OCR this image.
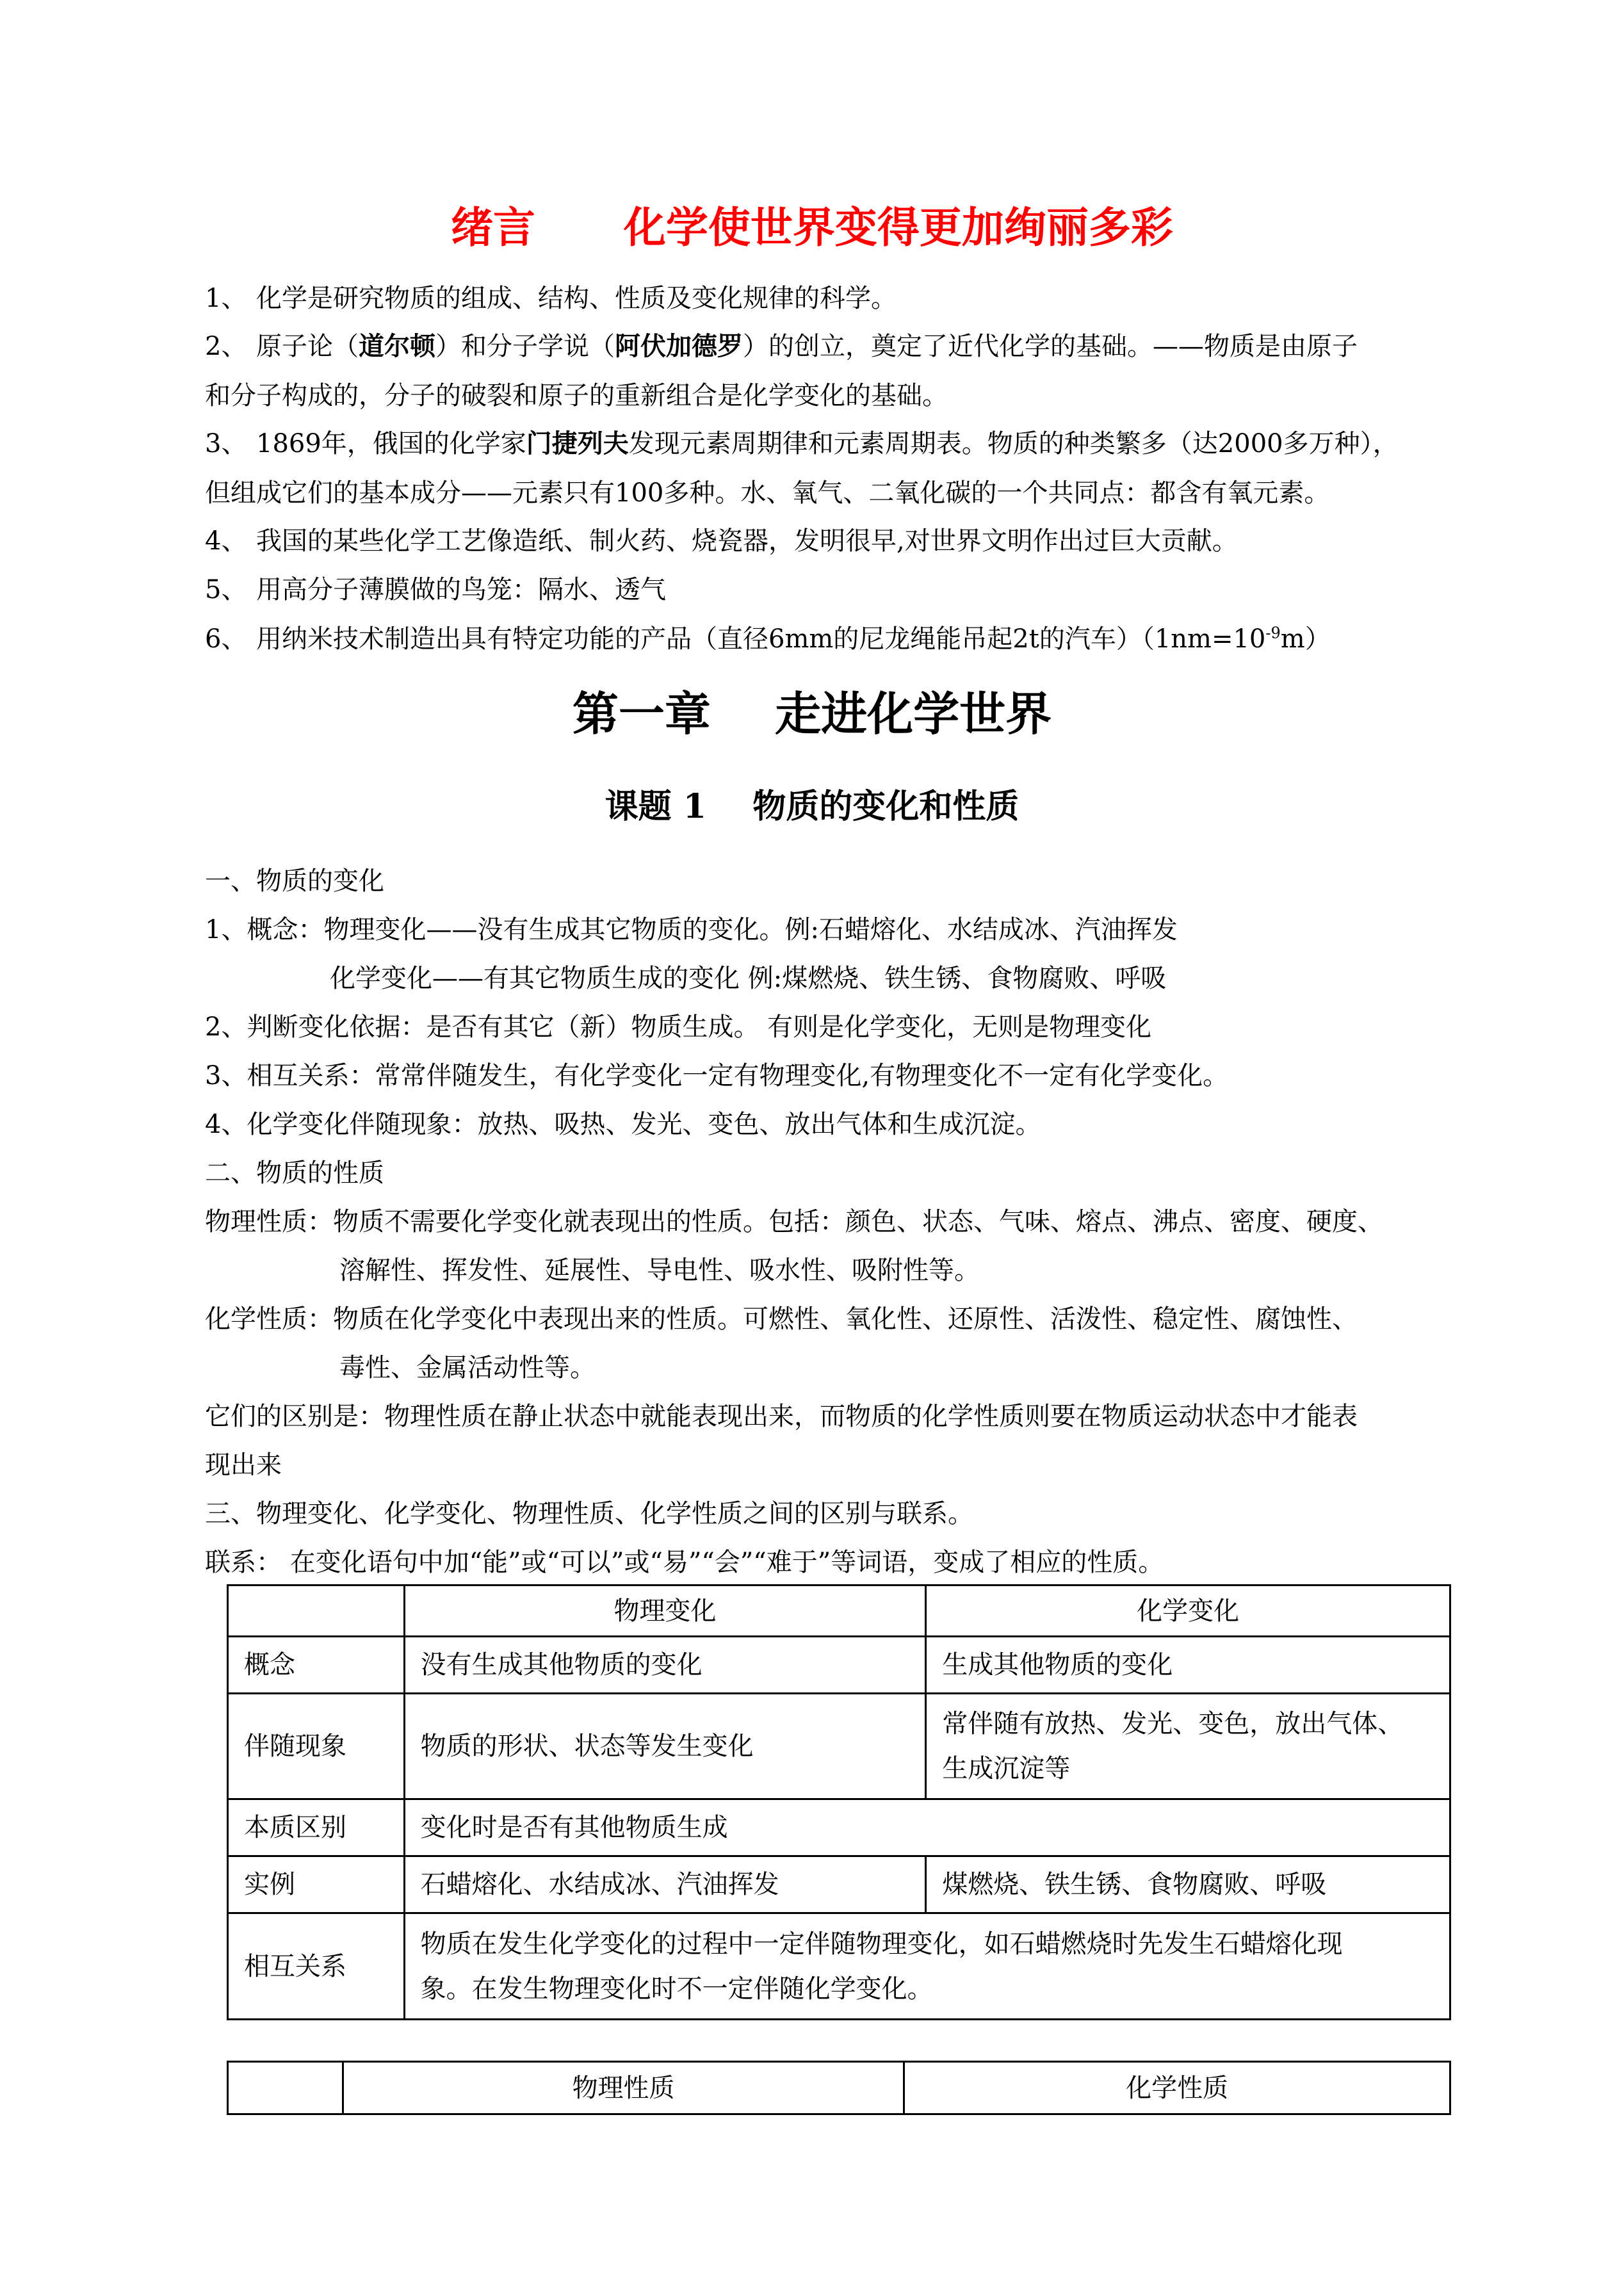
绪言      化学使世界变得更加绚丽多彩
1、 化学是研究物质的组成、结构、性质及变化规律的科学。
2、 原子论（道尔顿）和分子学说（阿伏加德罗）的创立，奠定了近代化学的基础。——物质是由原子
和分子构成的，分子的破裂和原子的重新组合是化学变化的基础。
3、 1869年，俄国的化学家门捷列夫发现元素周期律和元素周期表。物质的种类繁多（达2000多万种），
但组成它们的基本成分——元素只有100多种。水、氧气、二氧化碳的一个共同点：都含有氧元素。
4、 我国的某些化学工艺像造纸、制火药、烧瓷器，发明很早,对世界文明作出过巨大贡献。
5、 用高分子薄膜做的鸟笼：隔水、透气
6、 用纳米技术制造出具有特定功能的产品（直径6mm的尼龙绳能吊起2t的汽车）$(1nm=10^{-9}m)$
第一章    走进化学世界
课题 1    物质的变化和性质
一、物质的变化
1、概念：物理变化——没有生成其它物质的变化。例:石蜡熔化、水结成冰、汽油挥发
化学变化——有其它物质生成的变化 例:煤燃烧、铁生锈、食物腐败、呼吸
2、判断变化依据：是否有其它（新）物质生成。 有则是化学变化，无则是物理变化
3、相互关系：常常伴随发生，有化学变化一定有物理变化,有物理变化不一定有化学变化。
4、化学变化伴随现象：放热、吸热、发光、变色、放出气体和生成沉淀。
二、物质的性质
物理性质：物质不需要化学变化就表现出的性质。包括：颜色、状态、气味、熔点、沸点、密度、硬度、
溶解性、挥发性、延展性、导电性、吸水性、吸附性等。
化学性质：物质在化学变化中表现出来的性质。可燃性、氧化性、还原性、活泼性、稳定性、腐蚀性、
毒性、金属活动性等。
它们的区别是：物理性质在静止状态中就能表现出来，而物质的化学性质则要在物质运动状态中才能表
现出来
三、物理变化、化学变化、物理性质、化学性质之间的区别与联系。
联系： 在变化语句中加“能”或“可以”或“易”“会”“难于”等词语，变成了相应的性质。
	物理变化	化学变化
概念	没有生成其他物质的变化	生成其他物质的变化
伴随现象	物质的形状、状态等发生变化	常伴随有放热、发光、变色，放出气体、
生成沉淀等

本质区别	变化时是否有其他物质生成	
实例	石蜡熔化、水结成冰、汽油挥发	煤燃烧、铁生锈、食物腐败、呼吸
相互关系	物质在发生化学变化的过程中一定伴随物理变化，如石蜡燃烧时先发生石蜡熔化现
象。在发生物理变化时不一定伴随化学变化。	
	物理性质	化学性质
